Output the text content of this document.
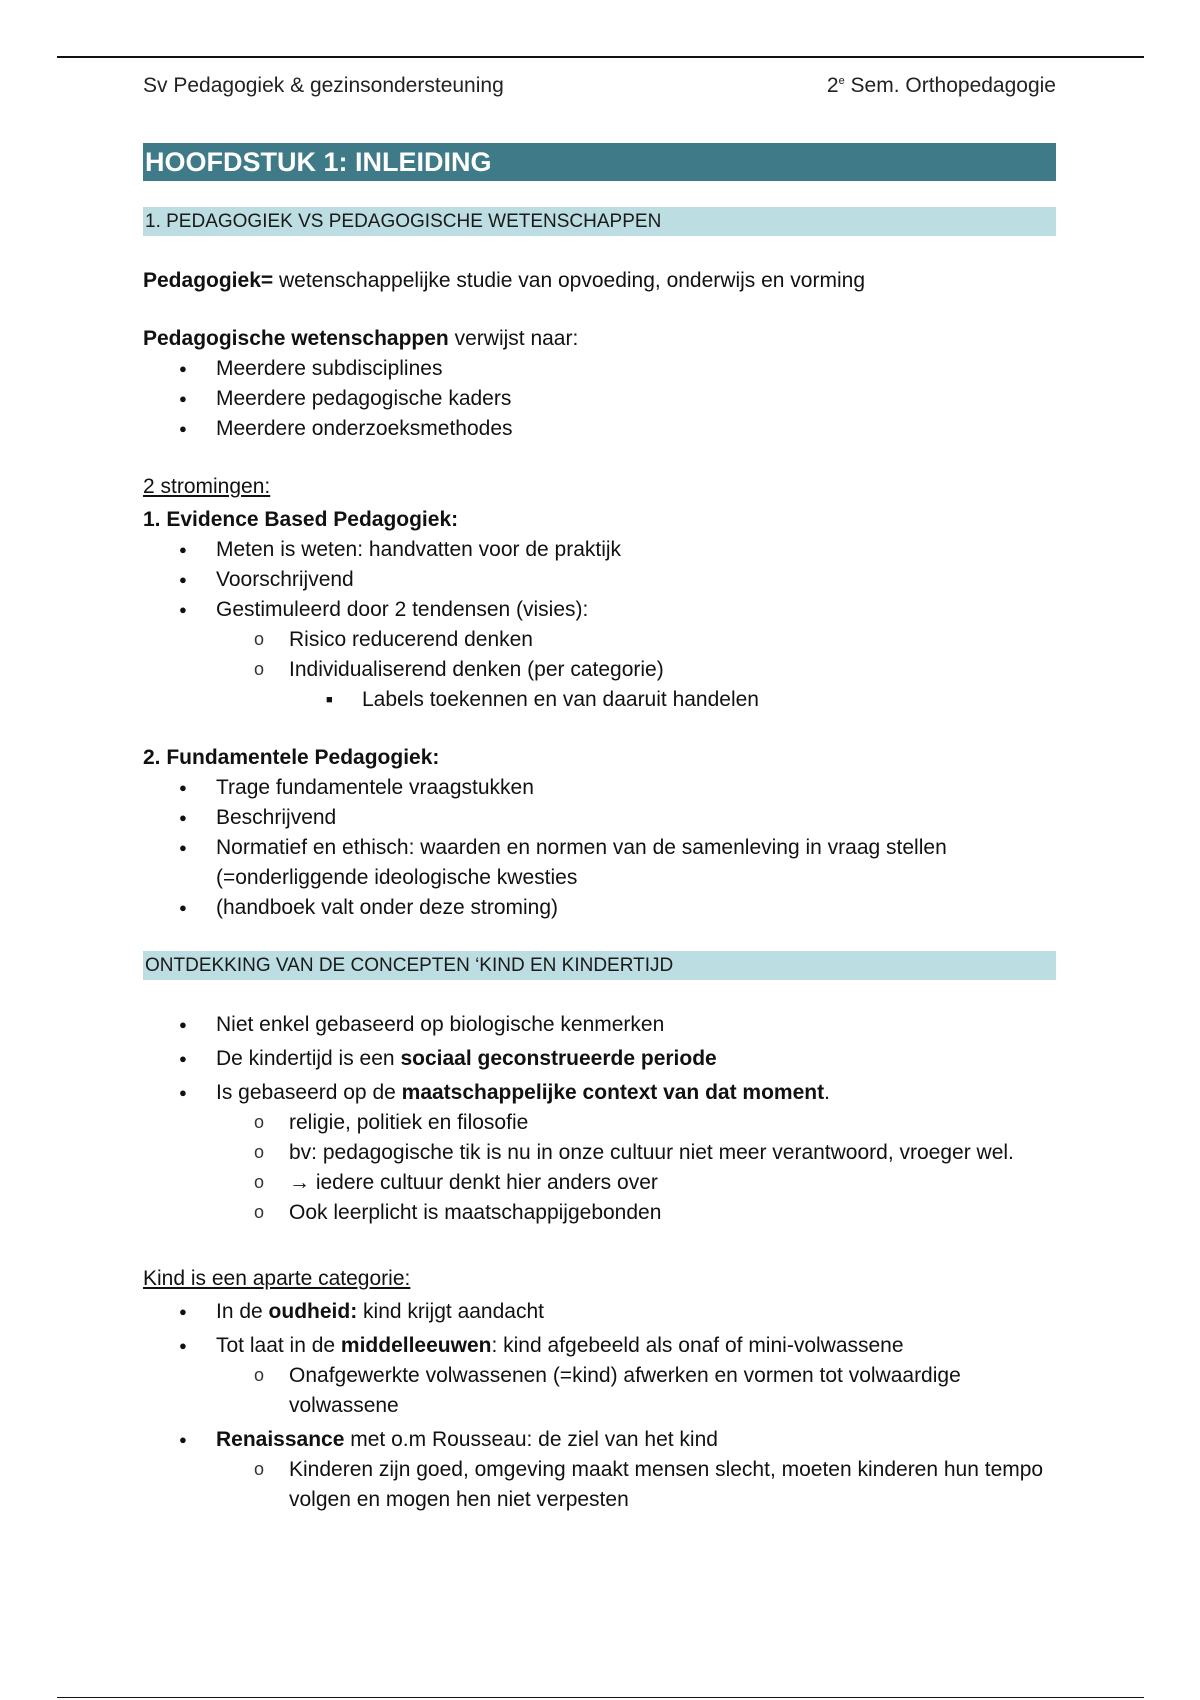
Sv Pedagogiek & gezinsondersteuning	2e Sem. Orthopedagogie
HOOFDSTUK 1: INLEIDING
1. PEDAGOGIEK VS PEDAGOGISCHE WETENSCHAPPEN

Pedagogiek= wetenschappelijke studie van opvoeding, onderwijs en vorming

Pedagogische wetenschappen verwijst naar:

● Meerdere subdisciplines
● Meerdere pedagogische kaders
● Meerdere onderzoeksmethodes

2 stromingen:

1. Evidence Based Pedagogiek:

● Meten is weten: handvatten voor de praktijk
● Voorschrijvend
● Gestimuleerd door 2 tendensen (visies):
o Risico reducerend denken
o Individualiserend denken (per categorie)
■ Labels toekennen en van daaruit handelen

2. Fundamentele Pedagogiek:

● Trage fundamentele vraagstukken
● Beschrijvend
● Normatief en ethisch: waarden en normen van de samenleving in vraag stellen (=onderliggende ideologische kwesties
● (handboek valt onder deze stroming)
ONTDEKKING VAN DE CONCEPTEN ‘KIND EN KINDERTIJD
● Niet enkel gebaseerd op biologische kenmerken
● De kindertijd is een sociaal geconstrueerde periode
● Is gebaseerd op de maatschappelijke context van dat moment.
o religie, politiek en filosofie
o bv: pedagogische tik is nu in onze cultuur niet meer verantwoord, vroeger wel.
o → iedere cultuur denkt hier anders over
o Ook leerplicht is maatschappijgebonden

Kind is een aparte categorie:

● In de oudheid: kind krijgt aandacht
● Tot laat in de middelleeuwen: kind afgebeeld als onaf of mini-volwassene
o Onafgewerkte volwassenen (=kind) afwerken en vormen tot volwaardige volwassene
● Renaissance met o.m Rousseau: de ziel van het kind
o Kinderen zijn goed, omgeving maakt mensen slecht, moeten kinderen hun tempo volgen en mogen hen niet verpesten
